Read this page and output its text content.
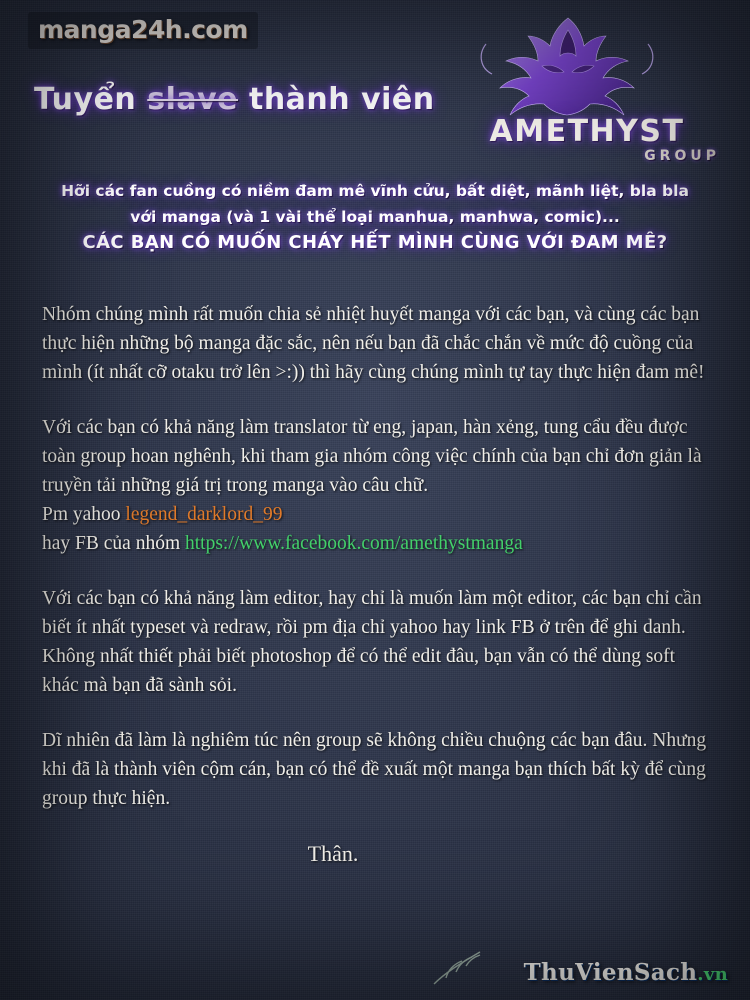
manga24h.com
Tuyển slave thành viên
AMETHYST
GROUP
Hỡi các fan cuồng có niềm đam mê vĩnh cửu, bất diệt, mãnh liệt, bla bla
với manga (và 1 vài thể loại manhua, manhwa, comic)...
CÁC BẠN CÓ MUỐN CHÁY HẾT MÌNH CÙNG VỚI ĐAM MÊ?

Nhóm chúng mình rất muốn chia sẻ nhiệt huyết manga với các bạn, và cùng các bạn thực hiện những bộ manga đặc sắc, nên nếu bạn đã chắc chắn về mức độ cuồng của mình (ít nhất cỡ otaku trở lên >:)) thì hãy cùng chúng mình tự tay thực hiện đam mê!

Với các bạn có khả năng làm translator từ eng, japan, hàn xẻng, tung cẩu đều được toàn group hoan nghênh, khi tham gia nhóm công việc chính của bạn chỉ đơn giản là truyền tải những giá trị trong manga vào câu chữ.
Pm yahoo legend_darklord_99
hay FB của nhóm https://www.facebook.com/amethystmanga

Với các bạn có khả năng làm editor, hay chỉ là muốn làm một editor, các bạn chỉ cần biết ít nhất typeset và redraw, rồi pm địa chỉ yahoo hay link FB ở trên để ghi danh. Không nhất thiết phải biết photoshop để có thể edit đâu, bạn vẫn có thể dùng soft khác mà bạn đã sành sỏi.

Dĩ nhiên đã làm là nghiêm túc nên group sẽ không chiều chuộng các bạn đâu. Nhưng khi đã là thành viên cộm cán, bạn có thể đề xuất một manga bạn thích bất kỳ để cùng group thực hiện.

Thân.
ThuVienSach.vn
